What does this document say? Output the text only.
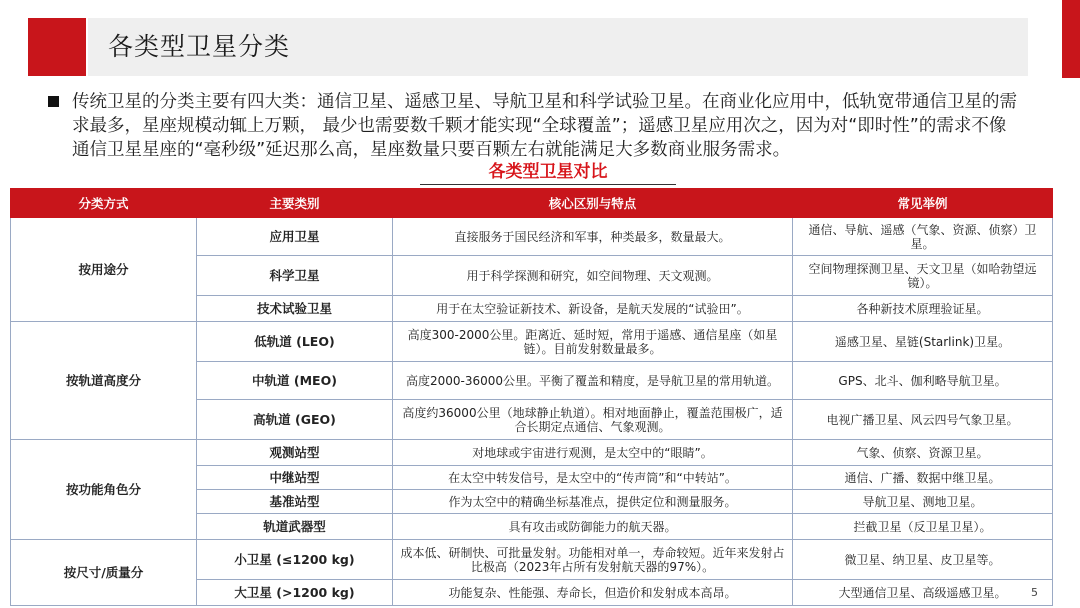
各类型卫星分类
传统卫星的分类主要有四大类：通信卫星、遥感卫星、导航卫星和科学试验卫星。在商业化应用中，低轨宽带通信卫星的需求最多，星座规模动辄上万颗， 最少也需要数千颗才能实现“全球覆盖”；遥感卫星应用次之，因为对“即时性”的需求不像通信卫星星座的“毫秒级”延迟那么高，星座数量只要百颗左右就能满足大多数商业服务需求。
各类型卫星对比
分类方式	主要类别	核心区别与特点	常见举例
按用途分	应用卫星	直接服务于国民经济和军事，种类最多，数量最大。	通信、导航、遥感（气象、资源、侦察）卫星。
	科学卫星	用于科学探测和研究，如空间物理、天文观测。	空间物理探测卫星、天文卫星（如哈勃望远镜）。
	技术试验卫星	用于在太空验证新技术、新设备，是航天发展的“试验田”。	各种新技术原理验证星。
按轨道高度分	低轨道 (LEO)	高度300-2000公里。距离近、延时短，常用于遥感、通信星座（如星链）。目前发射数量最多。	遥感卫星、星链(Starlink)卫星。
	中轨道 (MEO)	高度2000-36000公里。平衡了覆盖和精度，是导航卫星的常用轨道。	GPS、北斗、伽利略导航卫星。
	高轨道 (GEO)	高度约36000公里（地球静止轨道）。相对地面静止，覆盖范围极广，适合长期定点通信、气象观测。	电视广播卫星、风云四号气象卫星。
按功能角色分	观测站型	对地球或宇宙进行观测，是太空中的“眼睛”。	气象、侦察、资源卫星。
	中继站型	在太空中转发信号，是太空中的“传声筒”和“中转站”。	通信、广播、数据中继卫星。
	基准站型	作为太空中的精确坐标基准点，提供定位和测量服务。	导航卫星、测地卫星。
	轨道武器型	具有攻击或防御能力的航天器。	拦截卫星（反卫星卫星）。
按尺寸/质量分	小卫星 (≤1200 kg)	成本低、研制快、可批量发射。功能相对单一，寿命较短。近年来发射占比极高（2023年占所有发射航天器的97%）。	微卫星、纳卫星、皮卫星等。
	大卫星 (>1200 kg)	功能复杂、性能强、寿命长，但造价和发射成本高昂。	大型通信卫星、高级遥感卫星。 5
